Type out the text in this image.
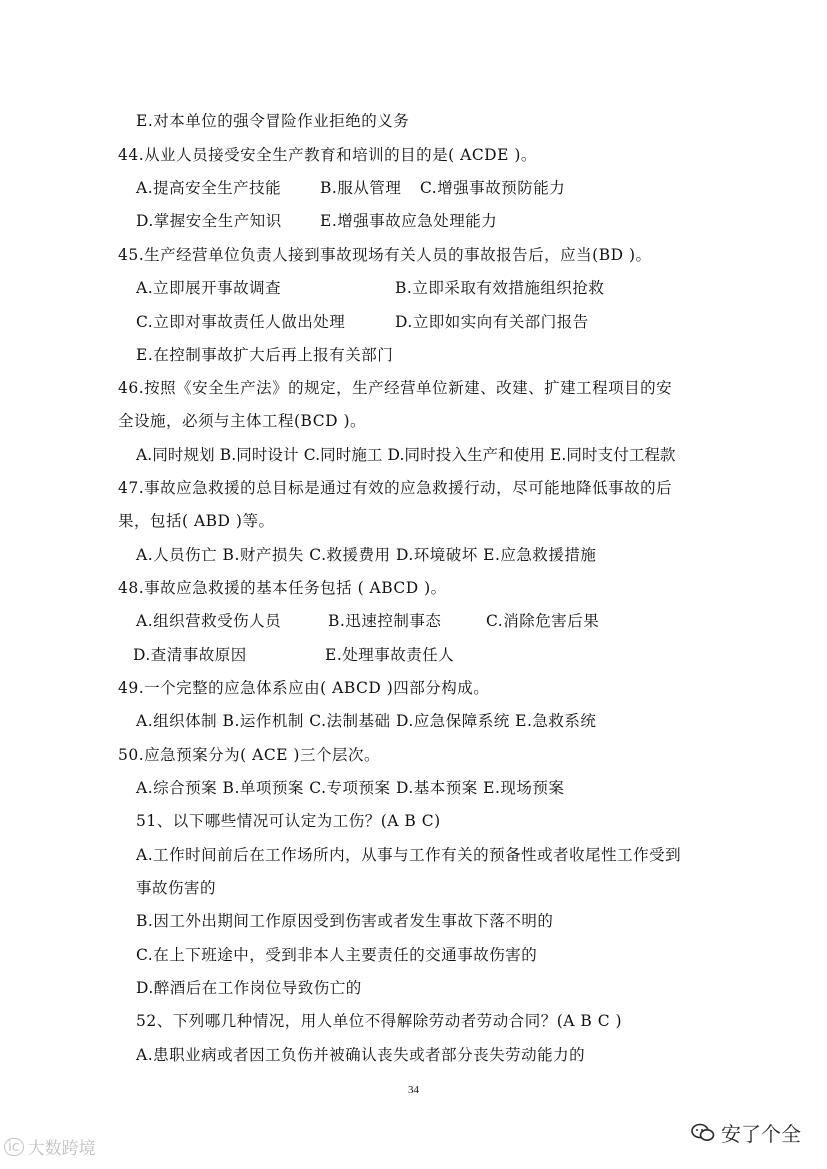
E.对本单位的强令冒险作业拒绝的义务
44.从业人员接受安全生产教育和培训的目的是( ACDE )。
A.提高安全生产技能	B.服从管理 C.增强事故预防能力
D.掌握安全生产知识 E.增强事故应急处理能力
45.生产经营单位负责人接到事故现场有关人员的事故报告后，应当(BD )。
A.立即展开事故调查	B.立即采取有效措施组织抢救
C.立即对事故责任人做出处理	D.立即如实向有关部门报告
E.在控制事故扩大后再上报有关部门
46.按照《安全生产法》的规定，生产经营单位新建、改建、扩建工程项目的安
全设施，必须与主体工程(BCD )。
A.同时规划 B.同时设计 C.同时施工 D.同时投入生产和使用 E.同时支付工程款
47.事故应急救援的总目标是通过有效的应急救援行动，尽可能地降低事故的后
果，包括( ABD )等。
A.人员伤亡 B.财产损失 C.救援费用 D.环境破坏 E.应急救援措施
48.事故应急救援的基本任务包括 ( ABCD )。
A.组织营救受伤人员	B.迅速控制事态	C.消除危害后果
D.查清事故原因	E.处理事故责任人
49.一个完整的应急体系应由( ABCD )四部分构成。
A.组织体制 B.运作机制 C.法制基础 D.应急保障系统 E.急救系统
50.应急预案分为( ACE )三个层次。
A.综合预案 B.单项预案 C.专项预案 D.基本预案 E.现场预案
51、以下哪些情况可认定为工伤？(A B C)
A.工作时间前后在工作场所内，从事与工作有关的预备性或者收尾性工作受到
事故伤害的
B.因工外出期间工作原因受到伤害或者发生事故下落不明的
C.在上下班途中，受到非本人主要责任的交通事故伤害的
D.醉酒后在工作岗位导致伤亡的
52、下列哪几种情况，用人单位不得解除劳动者劳动合同？(A B C )
A.患职业病或者因工负伤并被确认丧失或者部分丧失劳动能力的
34
ic 大数跨境
安了个全
